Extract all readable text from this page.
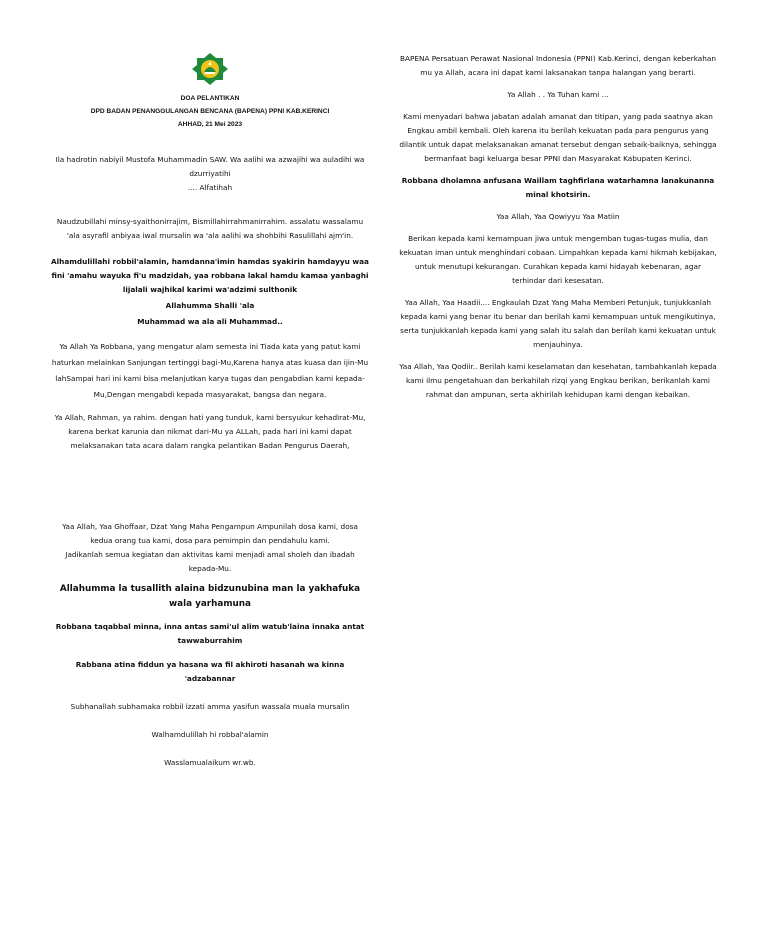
DOA PELANTIKAN
DPD BADAN PENANGGULANGAN BENCANA (BAPENA) PPNI KAB.KERINCI
AHHAD, 21 Mei 2023

Ila hadrotin nabiyil Mustofa Muhammadin SAW. Wa aalihi wa azwajihi wa auladihi wa dzurriyatihi
.... Alfatihah

Naudzubillahi minsy-syaithonirrajim, Bismillahirrahmanirrahim. assalatu wassalamu 'ala asyrafil anbiyaa iwal mursalin wa 'ala aalihi wa shohbihi Rasulillahi ajm'in.

Alhamdulillahi robbil'alamin, hamdanna'imin hamdas syakirin hamdayyu waa fini 'amahu wayuka fi'u madzidah, yaa robbana lakal hamdu kamaa yanbaghi lijalali wajhikal karimi wa'adzimi sulthonik

Allahumma Shalli 'ala

Muhammad wa ala ali Muhammad..

Ya Allah Ya Robbana, yang mengatur alam semesta ini Tiada kata yang patut kami haturkan melainkan Sanjungan tertinggi bagi-Mu,Karena hanya atas kuasa dan ijin-Mu lahSampai hari ini kami bisa melanjutkan karya tugas dan pengabdian kami kepada-Mu,Dengan mengabdi kepada masyarakat, bangsa dan negara.

Ya Allah, Rahman, ya rahim. dengan hati yang tunduk, kami bersyukur kehadirat-Mu, karena berkat karunia dan nikmat dari-Mu ya ALLah, pada hari ini kami dapat melaksanakan tata acara dalam rangka pelantikan Badan Pengurus Daerah,

BAPENA Persatuan Perawat Nasional Indonesia (PPNI) Kab.Kerinci, dengan keberkahan mu ya Allah, acara ini dapat kami laksanakan tanpa halangan yang berarti.

Ya Allah . . Ya Tuhan kami ...

Kami menyadari bahwa jabatan adalah amanat dan titipan, yang pada saatnya akan Engkau ambil kembali. Oleh karena itu berilah kekuatan pada para pengurus yang dilantik untuk dapat melaksanakan amanat tersebut dengan sebaik-baiknya, sehingga bermanfaat bagi keluarga besar PPNI dan Masyarakat Kabupaten Kerinci.

Robbana dholamna anfusana Waillam taghfirlana watarhamna lanakunanna minal khotsirin.

Yaa Allah, Yaa Qowiyyu Yaa Matiin

Berikan kepada kami kemampuan jiwa untuk mengemban tugas-tugas mulia, dan kekuatan iman untuk menghindari cobaan. Limpahkan kepada kami hikmah kebijakan, untuk menutupi kekurangan. Curahkan kepada kami hidayah kebenaran, agar terhindar dari kesesatan.

Yaa Allah, Yaa Haadii.... Engkaulah Dzat Yang Maha Memberi Petunjuk, tunjukkanlah kepada kami yang benar itu benar dan berilah kami kemampuan untuk mengikutinya, serta tunjukkanlah kepada kami yang salah itu salah dan berilah kami kekuatan untuk menjauhinya.

Yaa Allah, Yaa Qodiir.. Berilah kami keselamatan dan kesehatan, tambahkanlah kepada kami ilmu pengetahuan dan berkahilah rizqi yang Engkau berikan, berikanlah kami rahmat dan ampunan, serta akhirilah kehidupan kami dengan kebaikan.

Yaa Allah, Yaa Ghoffaar, Dzat Yang Maha Pengampun Ampunilah dosa kami, dosa kedua orang tua kami, dosa para pemimpin dan pendahulu kami.
Jadikanlah semua kegiatan dan aktivitas kami menjadi amal sholeh dan ibadah kepada-Mu.

Allahumma la tusallith alaina bidzunubina man la yakhafuka wala yarhamuna

Robbana taqabbal minna, inna antas sami'ul alim watub'laina innaka antat tawwaburrahim

Rabbana atina fiddun ya hasana wa fil akhiroti hasanah wa kinna 'adzabannar

Subhanallah subhamaka robbil izzati amma yasifun wassala muala mursalin

Walhamdulillah hi robbal'alamin

Wasslamualaikum wr.wb.
